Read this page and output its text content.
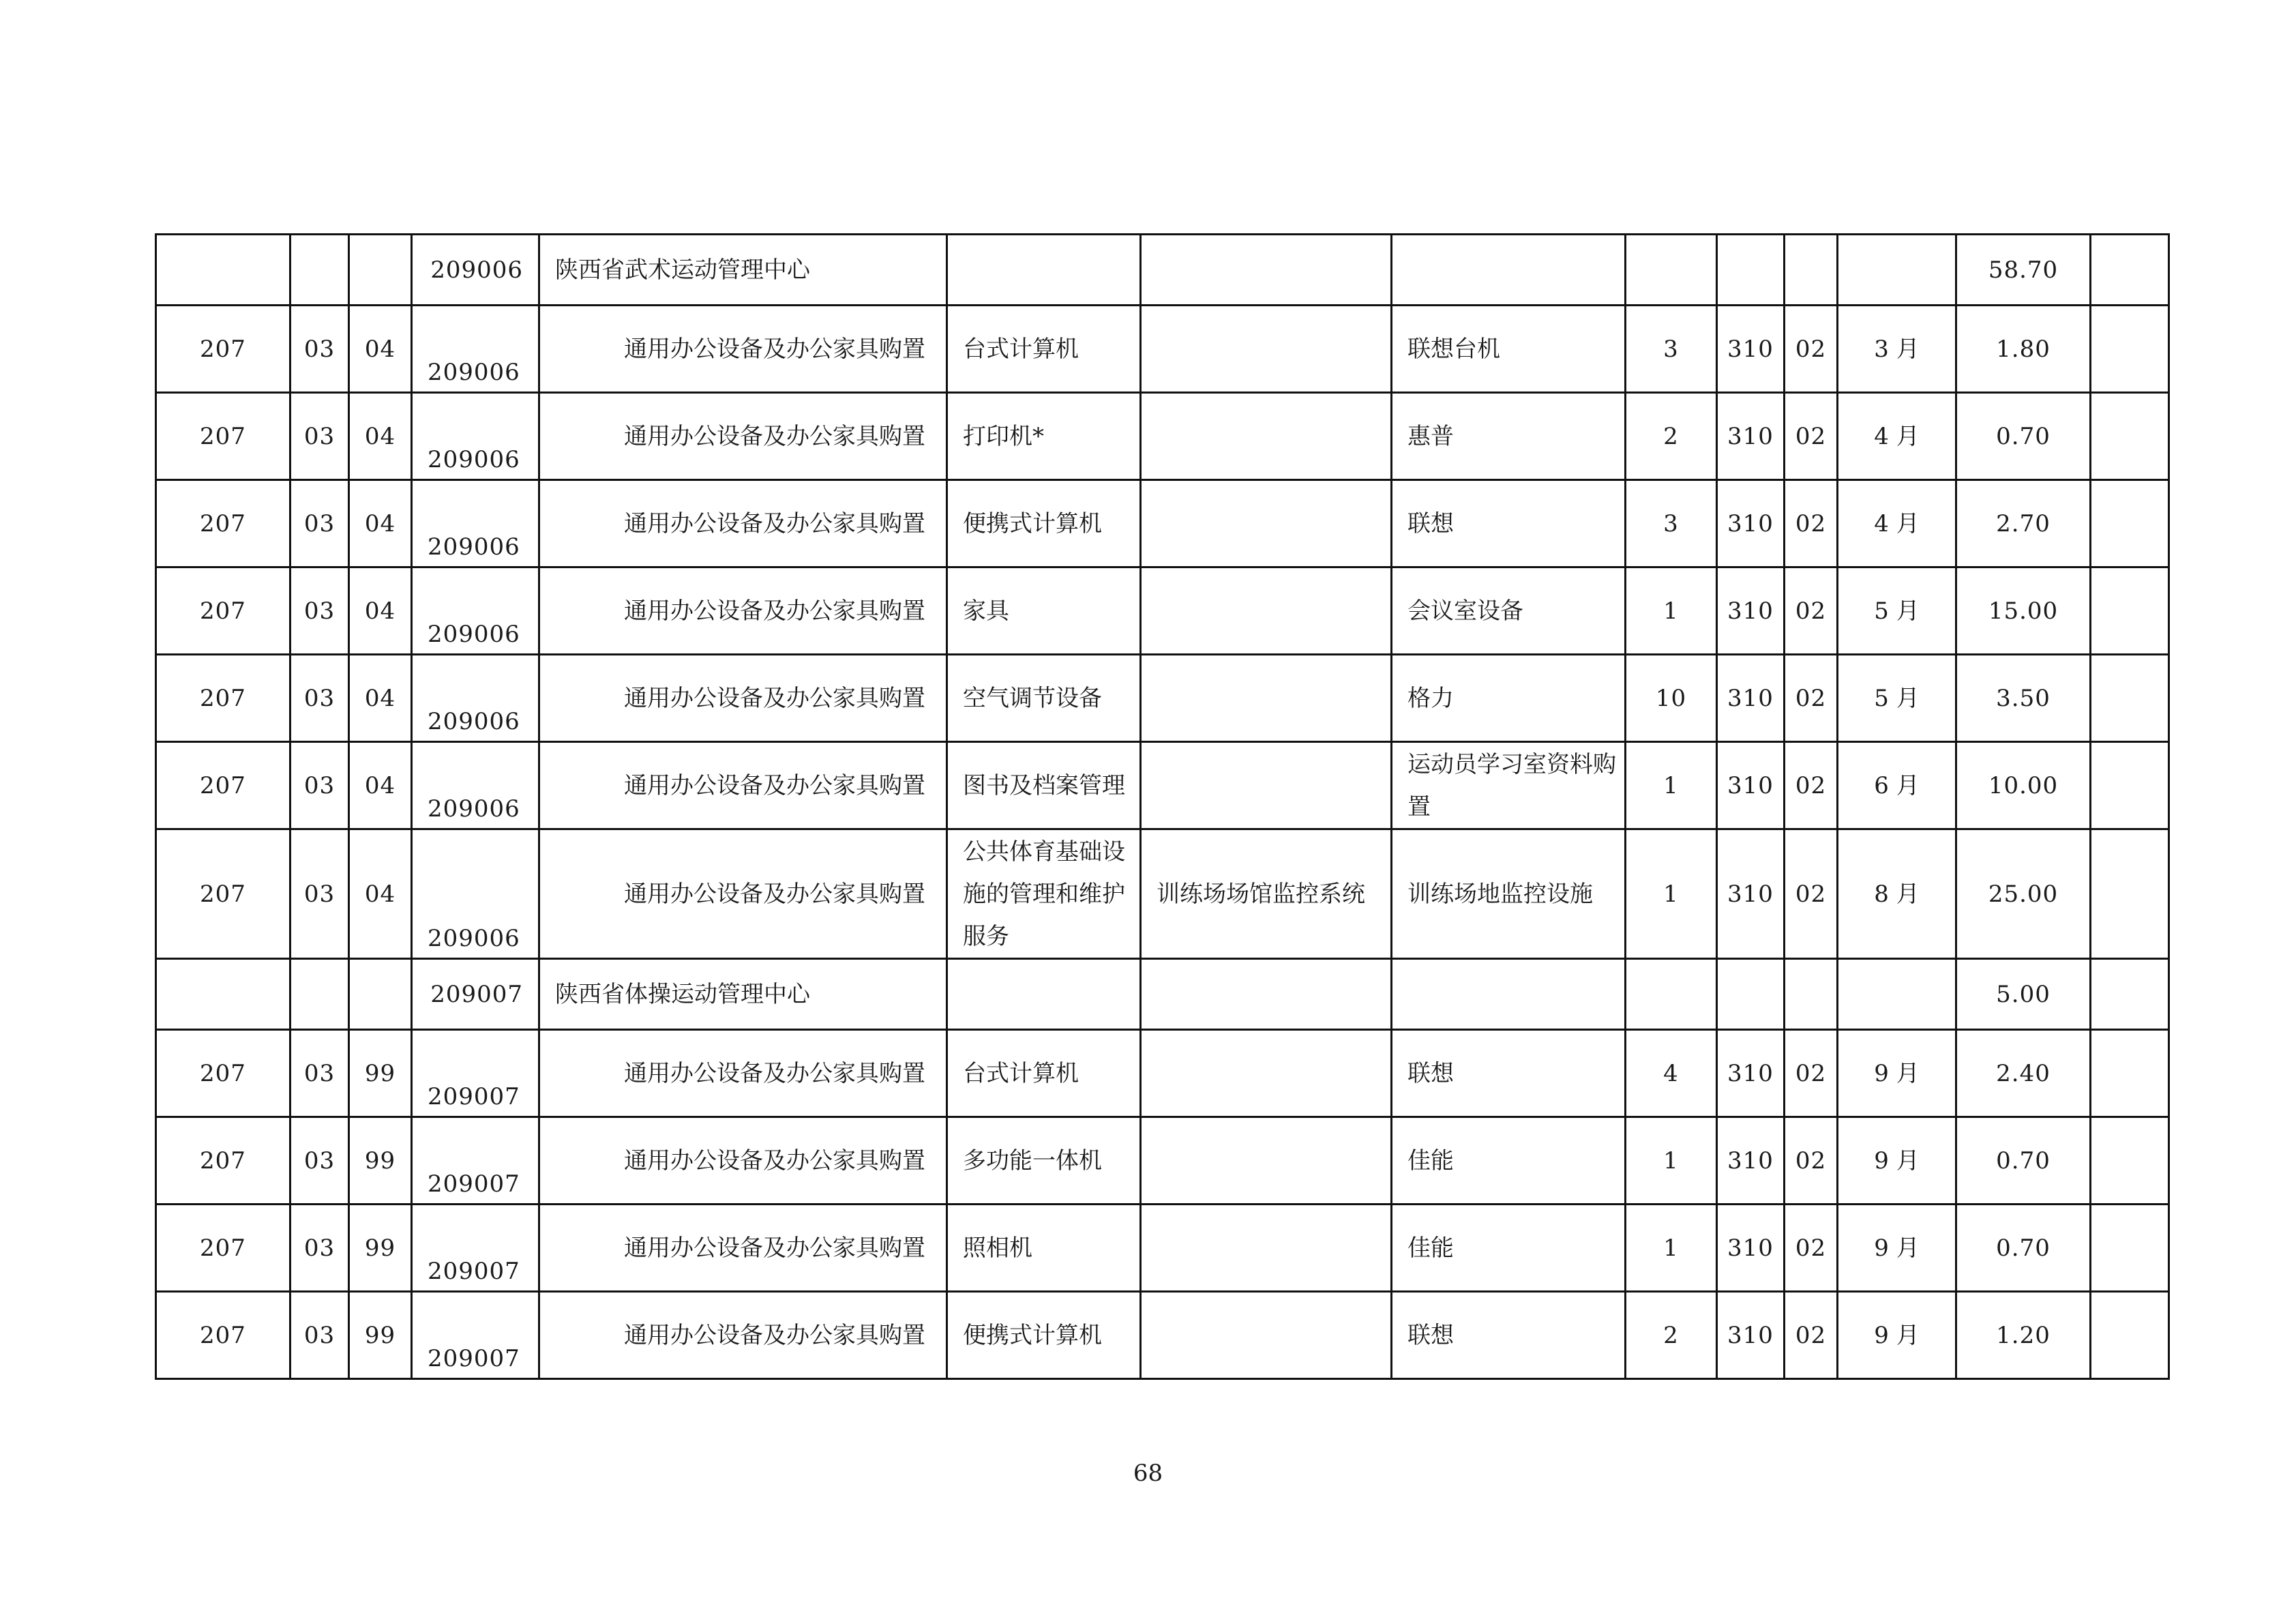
			209006	陕西省武术运动管理中心								58.70	
207	03	04	209006	通用办公设备及办公家具购置	台式计算机		联想台机	3	310	02	3 月	1.80	
207	03	04	209006	通用办公设备及办公家具购置	打印机*		惠普	2	310	02	4 月	0.70	
207	03	04	209006	通用办公设备及办公家具购置	便携式计算机		联想	3	310	02	4 月	2.70	
207	03	04	209006	通用办公设备及办公家具购置	家具		会议室设备	1	310	02	5 月	15.00	
207	03	04	209006	通用办公设备及办公家具购置	空气调节设备		格力	10	310	02	5 月	3.50	
207	03	04	209006	通用办公设备及办公家具购置	图书及档案管理		运动员学习室资料购置	1	310	02	6 月	10.00	
207	03	04	209006	通用办公设备及办公家具购置	公共体育基础设施的管理和维护服务	训练场场馆监控系统	训练场地监控设施	1	310	02	8 月	25.00	
			209007	陕西省体操运动管理中心								5.00	
207	03	99	209007	通用办公设备及办公家具购置	台式计算机		联想	4	310	02	9 月	2.40	
207	03	99	209007	通用办公设备及办公家具购置	多功能一体机		佳能	1	310	02	9 月	0.70	
207	03	99	209007	通用办公设备及办公家具购置	照相机		佳能	1	310	02	9 月	0.70	
207	03	99	209007	通用办公设备及办公家具购置	便携式计算机		联想	2	310	02	9 月	1.20	
68
